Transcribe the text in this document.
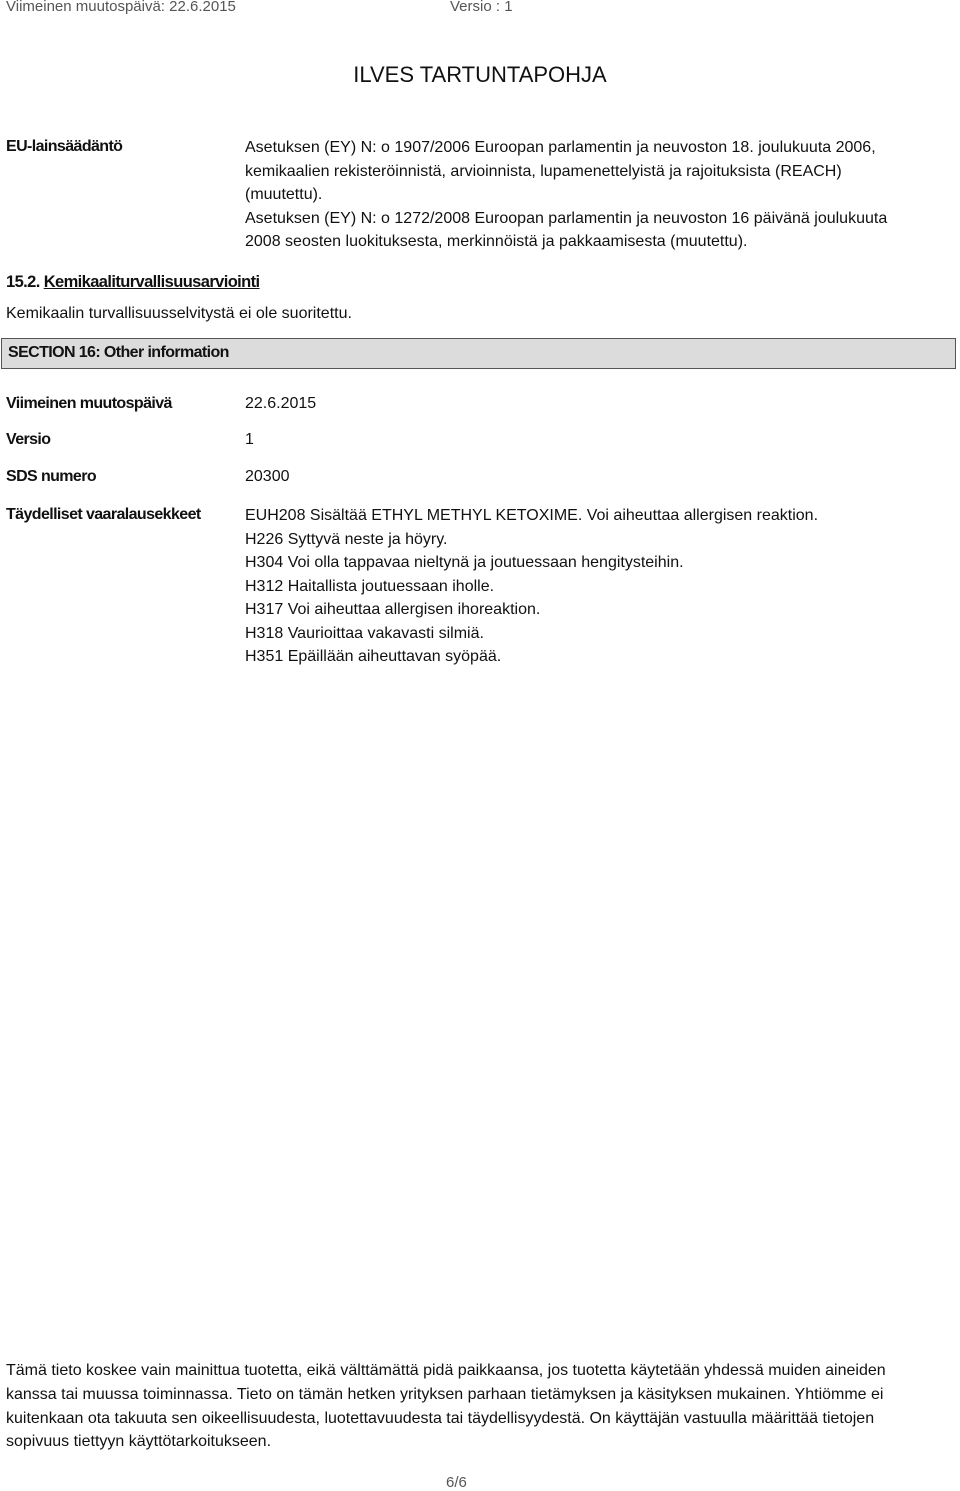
Viimeinen muutospäivä: 22.6.2015	Versio : 1
ILVES TARTUNTAPOHJA
EU-lainsäädäntö	Asetuksen (EY) N: o 1907/2006 Euroopan parlamentin ja neuvoston 18. joulukuuta 2006,
kemikaalien rekisteröinnistä, arvioinnista, lupamenettelyistä ja rajoituksista (REACH)
(muutettu).
Asetuksen (EY) N: o 1272/2008 Euroopan parlamentin ja neuvoston 16 päivänä joulukuuta
2008 seosten luokituksesta, merkinnöistä ja pakkaamisesta (muutettu).
15.2. Kemikaaliturvallisuusarviointi
Kemikaalin turvallisuusselvitystä ei ole suoritettu.
SECTION 16: Other information
Viimeinen muutospäivä	22.6.2015
Versio	1
SDS numero	20300
Täydelliset vaaralausekkeet	EUH208 Sisältää ETHYL METHYL KETOXIME. Voi aiheuttaa allergisen reaktion.
H226 Syttyvä neste ja höyry.
H304 Voi olla tappavaa nieltynä ja joutuessaan hengitysteihin.
H312 Haitallista joutuessaan iholle.
H317 Voi aiheuttaa allergisen ihoreaktion.
H318 Vaurioittaa vakavasti silmiä.
H351 Epäillään aiheuttavan syöpää.
Tämä tieto koskee vain mainittua tuotetta, eikä välttämättä pidä paikkaansa, jos tuotetta käytetään yhdessä muiden aineiden
kanssa tai muussa toiminnassa. Tieto on tämän hetken yrityksen parhaan tietämyksen ja käsityksen mukainen. Yhtiömme ei
kuitenkaan ota takuuta sen oikeellisuudesta, luotettavuudesta tai täydellisyydestä. On käyttäjän vastuulla määrittää tietojen
sopivuus tiettyyn käyttötarkoitukseen.
6/6
